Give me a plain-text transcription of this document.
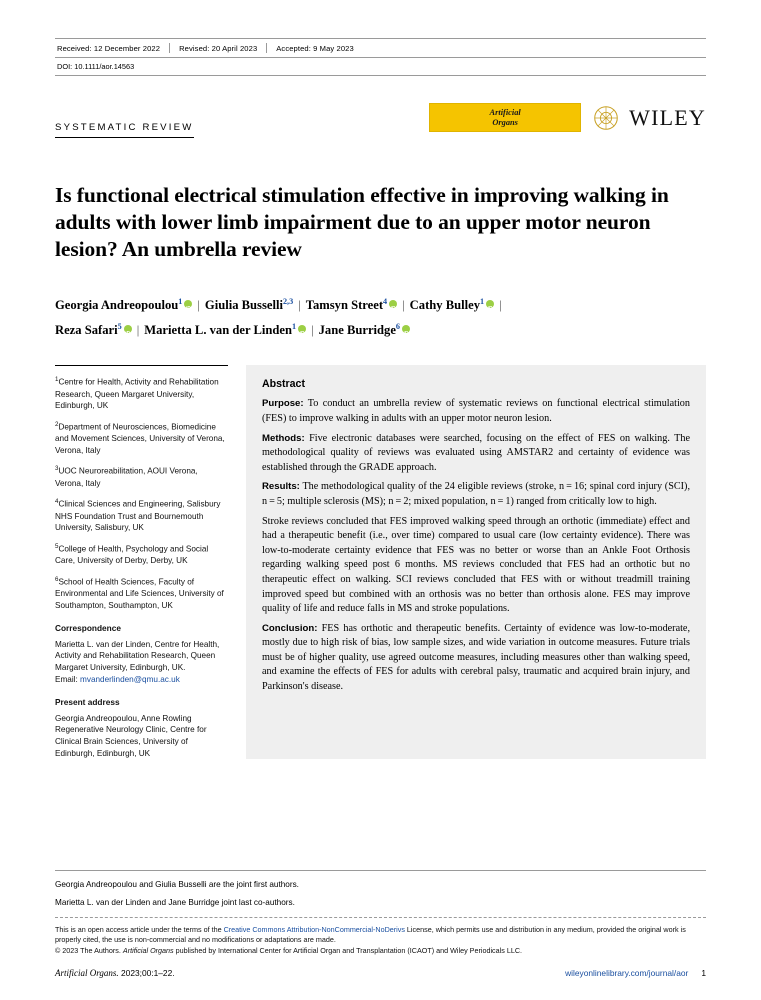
Received: 12 December 2022	Revised: 20 April 2023	Accepted: 9 May 2023
DOI: 10.1111/aor.14563
SYSTEMATIC REVIEW
Artificial
Organs	WILEY
Is functional electrical stimulation effective in improving walking in adults with lower limb impairment due to an upper motor neuron lesion? An umbrella review
Georgia Andreopoulou$^1$ iD | Giulia Busselli$^{2,3}$ | Tamsyn Street$^4$ iD | Cathy Bulley$^1$ iD |
Reza Safari$^5$ iD | Marietta L. van der Linden$^1$ iD | Jane Burridge$^6$iD
$^1$Centre for Health, Activity and Rehabilitation Research, Queen Margaret University, Edinburgh, UK
$^2$Department of Neurosciences, Biomedicine and Movement Sciences, University of Verona, Verona, Italy
$^3$UOC Neuroreabilitation, AOUI Verona, Verona, Italy
$^4$Clinical Sciences and Engineering, Salisbury NHS Foundation Trust and Bournemouth University, Salisbury, UK
$^5$College of Health, Psychology and Social Care, University of Derby, Derby, UK
$^6$School of Health Sciences, Faculty of Environmental and Life Sciences, University of Southampton, Southampton, UK
Correspondence
Marietta L. van der Linden, Centre for Health, Activity and Rehabilitation Research, Queen Margaret University, Edinburgh, UK.
Email: mvanderlinden@qmu.ac.uk
Present address
Georgia Andreopoulou, Anne Rowling Regenerative Neurology Clinic, Centre for Clinical Brain Sciences, University of Edinburgh, Edinburgh, UK
Abstract

Purpose: To conduct an umbrella review of systematic reviews on functional electrical stimulation (FES) to improve walking in adults with an upper motor neuron lesion.

Methods: Five electronic databases were searched, focusing on the effect of FES on walking. The methodological quality of reviews was evaluated using AMSTAR2 and certainty of evidence was established through the GRADE approach.

Results: The methodological quality of the 24 eligible reviews (stroke, n = 16; spinal cord injury (SCI), n = 5; multiple sclerosis (MS); n = 2; mixed population, n = 1) ranged from critically low to high.

Stroke reviews concluded that FES improved walking speed through an orthotic (immediate) effect and had a therapeutic benefit (i.e., over time) compared to usual care (low certainty evidence). There was low-to-moderate certainty evidence that FES was no better or worse than an Ankle Foot Orthosis regarding walking speed post 6 months. MS reviews concluded that FES had an orthotic but no therapeutic effect on walking. SCI reviews concluded that FES with or without treadmill training improved speed but combined with an orthosis was no better than orthosis alone. FES may improve quality of life and reduce falls in MS and stroke populations.

Conclusion: FES has orthotic and therapeutic benefits. Certainty of evidence was low-to-moderate, mostly due to high risk of bias, low sample sizes, and wide variation in outcome measures. Future trials must be of higher quality, use agreed outcome measures, including measures other than walking speed, and examine the effects of FES for adults with cerebral palsy, traumatic and acquired brain injury, and Parkinson's disease.

Georgia Andreopoulou and Giulia Busselli are the joint first authors.
Marietta L. van der Linden and Jane Burridge joint last co-authors.
This is an open access article under the terms of the Creative Commons Attribution-NonCommercial-NoDerivs License, which permits use and distribution in any medium, provided the original work is properly cited, the use is non-commercial and no modifications or adaptations are made.
© 2023 The Authors. Artificial Organs published by International Center for Artificial Organ and Transplantation (ICAOT) and Wiley Periodicals LLC.
Artificial Organs. 2023;00:1–22.	wileyonlinelibrary.com/journal/aor 1
